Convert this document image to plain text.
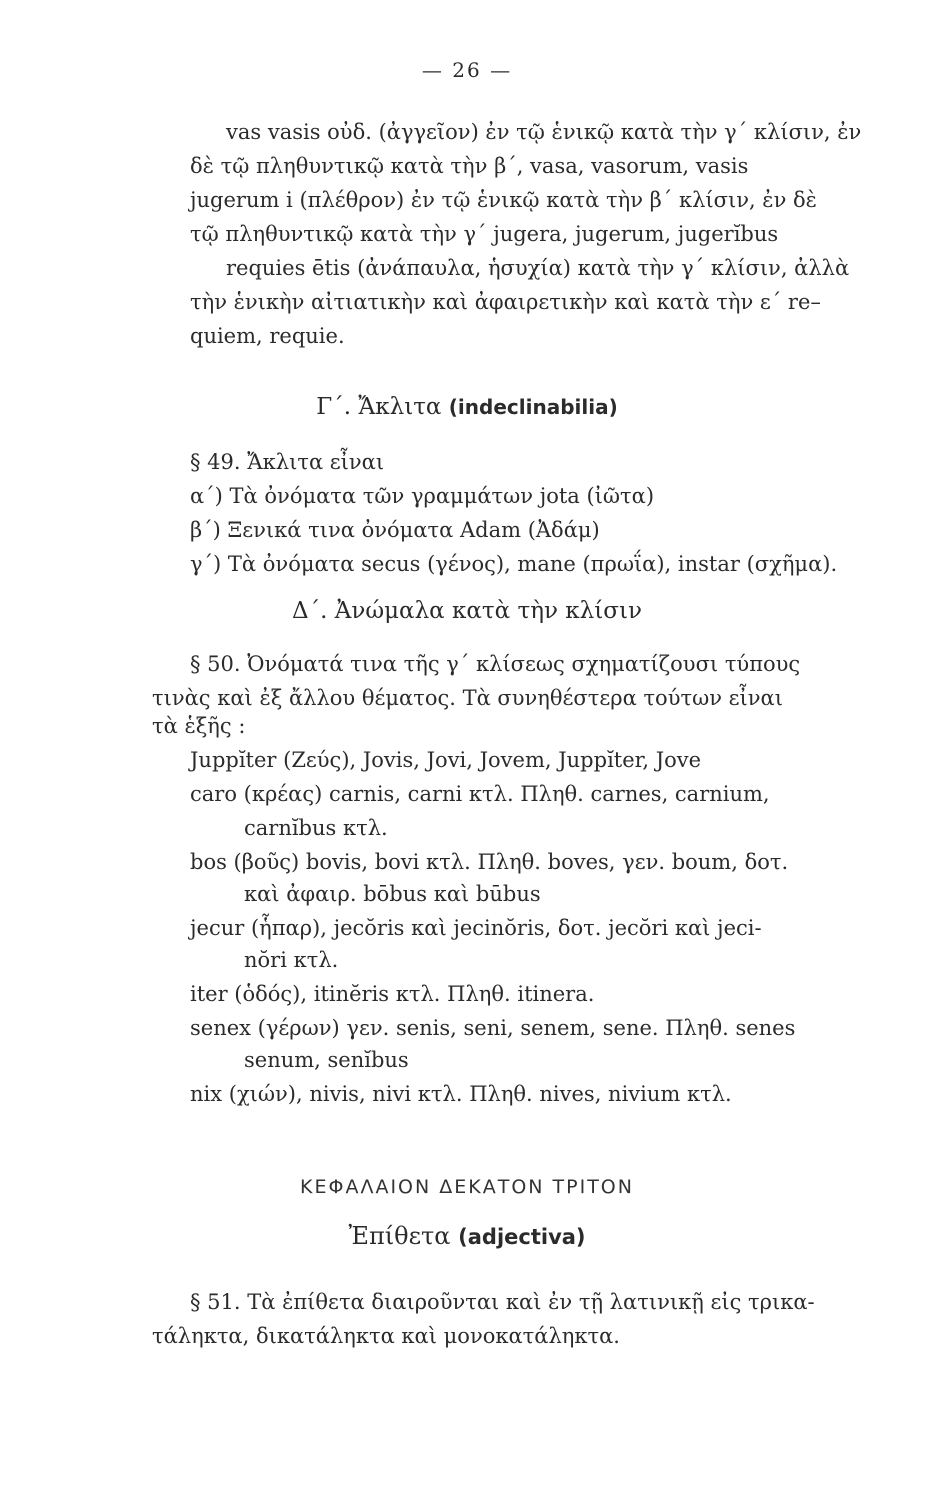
— 26 —
vas vasis οὐδ. (ἀγγεῖον) ἐν τῷ ἑνικῷ κατὰ τὴν γ΄ κλίσιν, ἐν
δὲ τῷ πληθυντικῷ κατὰ τὴν β΄, vasa, vasorum, vasis
jugerum i (πλέθρον) ἐν τῷ ἑνικῷ κατὰ τὴν β΄ κλίσιν, ἐν δὲ
τῷ πληθυντικῷ κατὰ τὴν γ΄ jugera, jugerum, jugerĭbus
requies ētis (ἀνάπαυλα, ἡσυχία) κατὰ τὴν γ΄ κλίσιν, ἀλλὰ
τὴν ἑνικὴν αἰτιατικὴν καὶ ἀφαιρετικὴν καὶ κατὰ τὴν ε΄ re–
quiem, requie.
Γ΄. Ἄκλιτα (indeclinabilia)
§ 49. Ἄκλιτα εἶναι
α΄) Τὰ ὀνόματα τῶν γραμμάτων jota (ἰῶτα)
β΄) Ξενικά τινα ὀνόματα Adam (Ἀδάμ)
γ΄) Τὰ ὀνόματα secus (γένος), mane (πρωΐα), instar (σχῆμα).
Δ΄. Ἀνώμαλα κατὰ τὴν κλίσιν
§ 50. Ὀνόματά τινα τῆς γ΄ κλίσεως σχηματίζουσι τύπους
τινὰς καὶ ἐξ ἄλλου θέματος. Τὰ συνηθέστερα τούτων εἶναι
τὰ ἑξῆς :
Juppĭter (Ζεύς), Jovis, Jovi, Jovem, Juppĭter, Jove
caro (κρέας) carnis, carni κτλ. Πληθ. carnes, carnium,
carnĭbus κτλ.
bos (βοῦς) bovis, bovi κτλ. Πληθ. boves, γεν. boum, δοτ.
καὶ ἀφαιρ. bōbus καὶ būbus
jecur (ἧπαρ), jecŏris καὶ jecinŏris, δοτ. jecŏri καὶ jeci-
nŏri κτλ.
iter (ὁδός), itinĕris κτλ. Πληθ. itinera.
senex (γέρων) γεν. senis, seni, senem, sene. Πληθ. senes
senum, senĭbus
nix (χιών), nivis, nivi κτλ. Πληθ. nives, nivium κτλ.
ΚΕΦΑΛΑΙΟΝ ΔΕΚΑΤΟΝ ΤΡΙΤΟΝ
Ἐπίθετα (adjectiva)
§ 51. Τὰ ἐπίθετα διαιροῦνται καὶ ἐν τῇ λατινικῇ εἰς τρικα-
τάληκτα, δικατάληκτα καὶ μονοκατάληκτα.
